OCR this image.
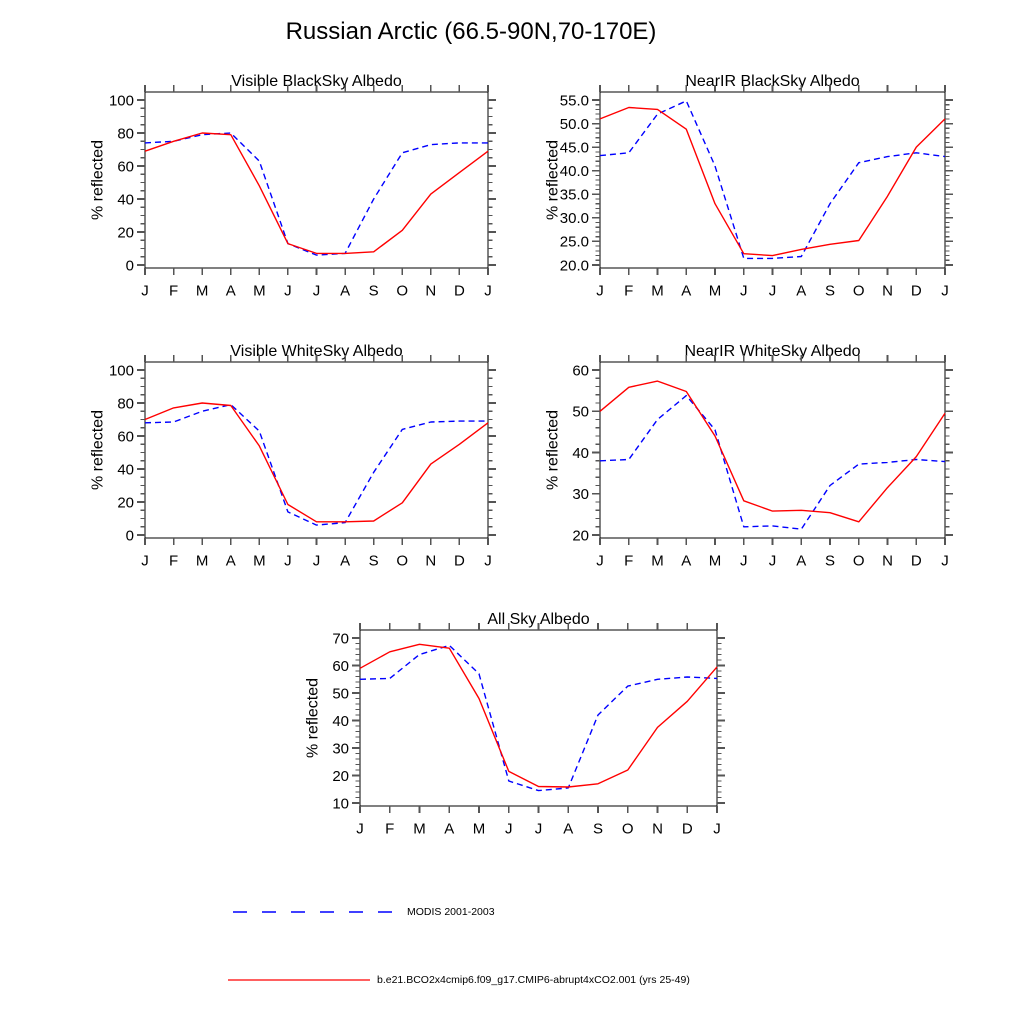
Russian Arctic (66.5-90N,70-170E)
Visible BlackSky Albedo
% reflected
0
20
40
60
80
100
J F M A M J J A S O N D J
NearIR BlackSky Albedo
% reflected
20.0
25.0
30.0
35.0
40.0
45.0
50.0
55.0
J F M A M J J A S O N D J
Visible WhiteSky Albedo
% reflected
0
20
40
60
80
100
J F M A M J J A S O N D J
NearIR WhiteSky Albedo
% reflected
20
30
40
50
60
J F M A M J J A S O N D J
All Sky Albedo
% reflected
10
20
30
40
50
60
70
J F M A M J J A S O N D J
MODIS 2001-2003
b.e21.BCO2x4cmip6.f09_g17.CMIP6-abrupt4xCO2.001 (yrs 25-49)
